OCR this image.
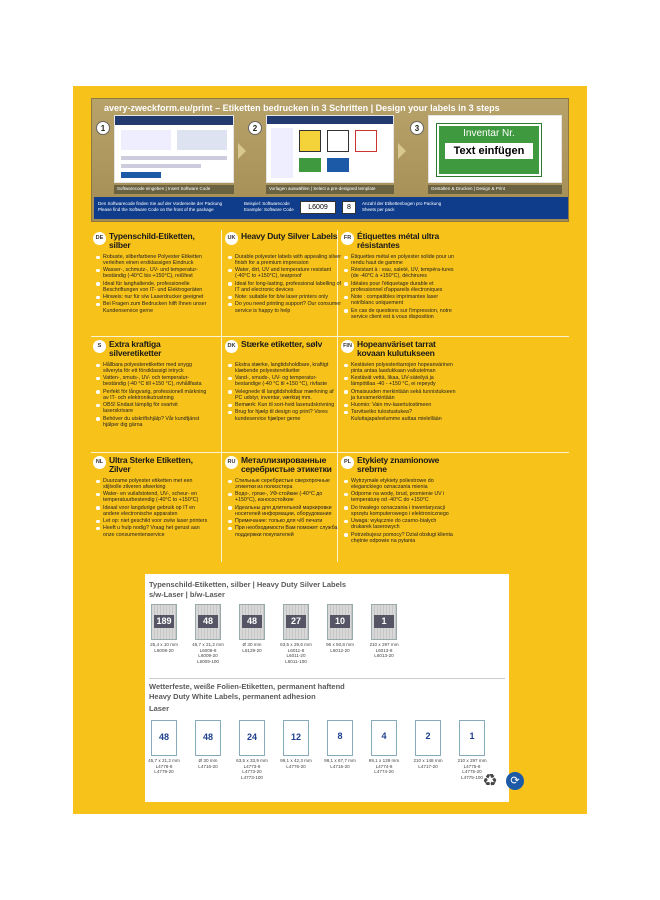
avery-zweckform.eu/print – Etiketten bedrucken in 3 Schritten | Design your labels in 3 steps
1
Softwarecode eingeben | Insert Software Code
2
Vorlagen auswählen | Select a pre-designed template
3	Inventar Nr.
Text einfügen
Gestalten & Drucken | Design & Print
Den Softwarecode finden Sie auf der Vorderseite der Packung
Please find the Software Code on the front of the package
Beispiel: Softwarecode
Example: Software Code	L6009	8
Anzahl der Etikettenbogen pro Packung
Sheets per pack
DE Typenschild-Etiketten, silber
Robuste, silberfarbene Polyester Etiketten verleihen einen erstklassigen Eindruck
Wasser-, schmutz-, UV- und temperatur-beständig (-40°C bis +150°C), reißfest
Ideal für langhaltende, professionelle Beschriftungen von IT- und Elektrogeräten
Hinweis: nur für s/w Laserdrucker geeignet
Bei Fragen zum Bedrucken hilft Ihnen unser Kundenservice gerne
UK Heavy Duty Silver Labels
Durable polyester labels with appealing silver finish for a premium impression
Water, dirt, UV and temperature resistant (-40°C to +150°C), tearproof
Ideal for long-lasting, professional labelling of IT and electronic devices
Note: suitable for b/w laser printers only
Do you need printing support? Our consumer service is happy to help
FR Étiquettes métal ultra résistantes
Étiquettes métal en polyester solide pour un rendu haut de gamme
Résistant à : eau, saleté, UV, tempéra-tures (de -40°C à +150°C), déchirures
Idéales pour l'étiquetage durable et professionnel d'appareils électroniques
Note : compatibles imprimantes laser noir/blanc uniquement
En cas de questions sur l'impression, notre service client est à vous disposition
S Extra kraftiga silveretiketter
Hållbara polyesteretiketter med snygg silveryta för ett förstklassigt intryck
Vatten-, smuts-, UV- och temperatur-beständig (-40 °C till +150 °C), rivhållfasta
Perfekt för långvarig, professionell märkning av IT- och elektronikutrustning
OBS! Endast lämplig för svartvit laserskrivare
Behöver du utskriftshjälp? Vår kundtjänst hjälper dig gärna
DK Stærke etiketter, sølv
Ekstra stærke, langtidsholdbare, kraftigt klæbende polyesteretiketter
Vand-, smuds-, UV- og temperatur-bestandige (-40 °C til +150 °C), rivfaste
Velegnede til langtidsholdbar mærkning af PC udstyr, inventar, værktøj mm.
Bemærk: Kun til sort-hvid laserudskrivning
Brug for hjælp til design og print? Vores kundeservice hjælper gerne
FIN Hopeanväriset tarrat kovaan kulutukseen
Kestävien polyesteritarrojen hopeanvärinen pinta antaa laadukkaan vaikutelman
Kestävät vettä, likaa, UV-säteilyä ja lämpötilaa -40 - +150 °C, ei repeydy
Omaisuuden merkintään sekä tunnistukseen ja turvamerkintään
Huomio: Vain mv-lasertulostimeen
Tarvitsetko tulostustukea? Kuluttajapalvelumme auttaa mielellään
NL Ultra Sterke Etiketten, Zilver
Duurzame polyester etiketten met een stijlvolle zilveren afwerking
Water- en vuilafstotend, UV-, scheur- en temperatuurbestendig (-40°C to +150°C)
Ideaal voor langdurige gebruik op IT en andere electronische apparaten
Let op: niet geschikt voor zw/w laser printers
Heeft u hulp nodig? Vraag het gerust aan onze consumentenservice
RU Металлизированные серебристые этикетки
Стильные серебристые сверхпрочные этикетки из полиэстера
Водо-, грязе-, УФ-стойкие (-40°C до +150°C), износостойкие
Идеальны для длительной маркировки носителей информации, оборудования
Примечание: только для ч/б печати
При необходимости Вам поможет служба поддержки покупателей
PL Etykiety znamionowe srebrne
Wytrzymałe etykiety poliestrowe do eleganckiego oznaczania mienia
Odporne na wodę, brud, promienie UV i temperaturę od -40°C do +150°C
Do trwałego oznaczania i inwentaryzacji sprzętu komputerowego i elektronicznego
Uwaga: wyłącznie do czarno-białych drukarek laserowych
Potrzebujesz pomocy? Dział obsługi klienta chętnie odpowie na pytania
Typenschild-Etiketten, silber | Heavy Duty Silver Labels
s/w-Laser | b/w-Laser
189
25,4 x 10 mm
L6008-20
48
45,7 x 21,2 mm
L6009-8
L6009-20
L6009-100
48
Ø 30 mm
L6129-20
27
63,5 x 29,6 mm
L6011-8
L6011-20
L6011-100
10
96 x 50,8 mm
L6012-20
1
210 x 297 mm
L6013-8
L6013-20
Wetterfeste, weiße Folien-Etiketten, permanent haftend
Heavy Duty White Labels, permanent adhesion
Laser
48
45,7 x 21,2 mm
L4778-8
L4778-20
48
Ø 30 mm
L4716-20
24
63,5 x 33,9 mm
L4773-8
L4773-20
L4773-100
12
99,1 x 42,3 mm
L4776-20
8
99,1 x 67,7 mm
L4715-20
4
99,1 x 139 mm
L4774-8
L4774-20
2
210 x 148 mm
L4717-20
1
210 x 297 mm
L4775-8
L4775-20
L4775-100 ♻	⟳
